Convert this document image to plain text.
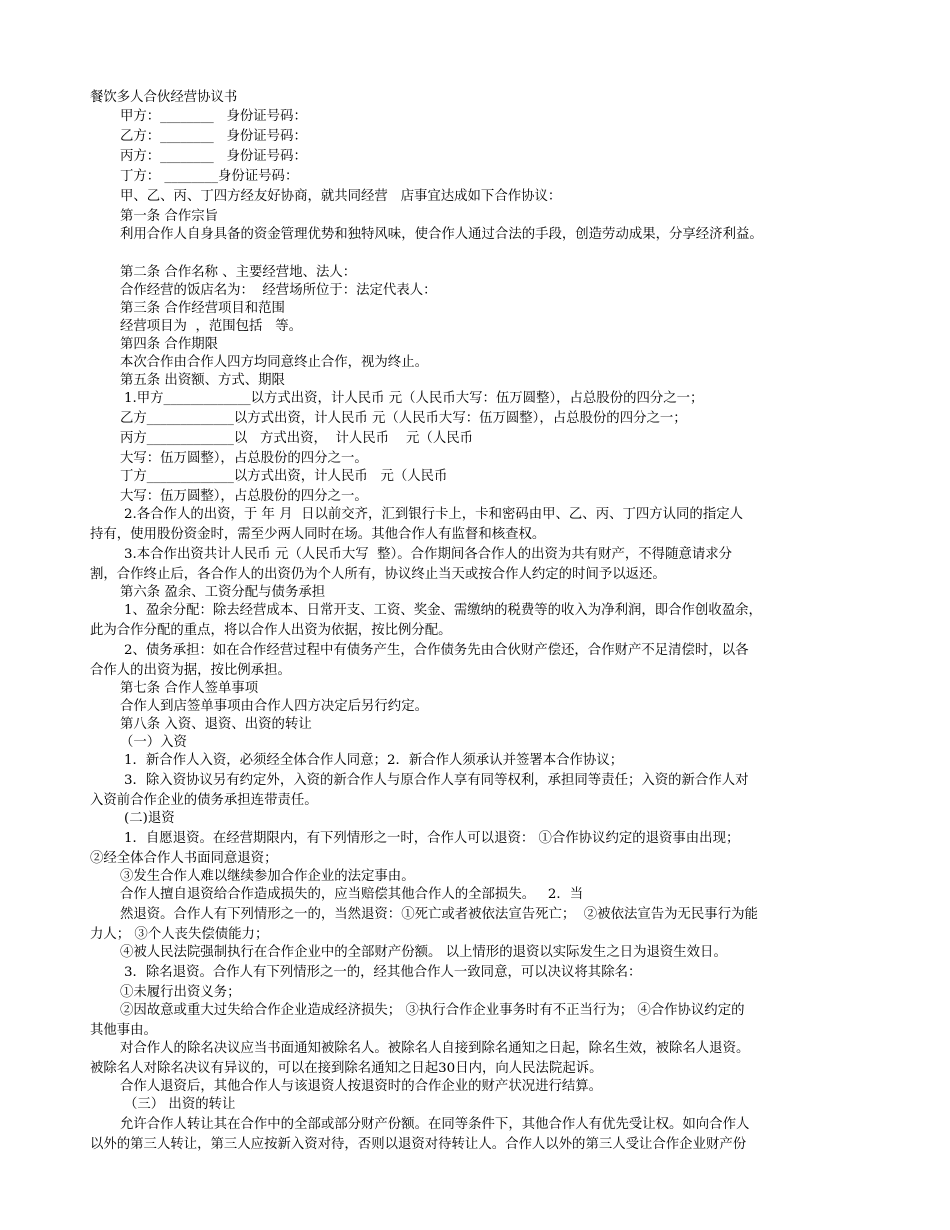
餐饮多人合伙经营协议书
甲方：________   身份证号码：
乙方：________   身份证号码：
丙方：________   身份证号码：
丁方： ________身份证号码：
甲、乙、丙、丁四方经友好协商，就共同经营   店事宜达成如下合作协议：
第一条 合作宗旨
利用合作人自身具备的资金管理优势和独特风味，使合作人通过合法的手段，创造劳动成果，分享经济利益。
第二条 合作名称 、主要经营地、法人：
合作经营的饭店名为：  经营场所位于：法定代表人：
第三条 合作经营项目和范围
经营项目为  ，范围包括   等。
第四条 合作期限
本次合作由合作人四方均同意终止合作，视为终止。
第五条 出资额、方式、期限
1.甲方_____________以方式出资，计人民币 元（人民币大写：伍万圆整），占总股份的四分之一；
乙方_____________以方式出资，计人民币 元（人民币大写：伍万圆整），占总股份的四分之一；
丙方_____________以   方式出资，  计人民币    元（人民币
大写：伍万圆整），占总股份的四分之一。
丁方_____________以方式出资，计人民币   元（人民币
大写：伍万圆整），占总股份的四分之一。
2.各合作人的出资，于 年 月  日以前交齐，汇到银行卡上，卡和密码由甲、乙、丙、丁四方认同的指定人
持有，使用股份资金时，需至少两人同时在场。其他合作人有监督和核查权。
3.本合作出资共计人民币 元（人民币大写  整）。合作期间各合作人的出资为共有财产，不得随意请求分
割，合作终止后，各合作人的出资仍为个人所有，协议终止当天或按合作人约定的时间予以返还。
第六条 盈余、工资分配与债务承担
1、盈余分配：除去经营成本、日常开支、工资、奖金、需缴纳的税费等的收入为净利润，即合作创收盈余，
此为合作分配的重点，将以合作人出资为依据，按比例分配。
2、债务承担：如在合作经营过程中有债务产生，合作债务先由合伙财产偿还，合作财产不足清偿时，以各
合作人的出资为据，按比例承担。
第七条 合作人签单事项
合作人到店签单事项由合作人四方决定后另行约定。
第八条 入资、退资、出资的转让
（一）入资
1．新合作人入资，必须经全体合作人同意；2．新合作人须承认并签署本合作协议；
3．除入资协议另有约定外，入资的新合作人与原合作人享有同等权利，承担同等责任；入资的新合作人对
入资前合作企业的债务承担连带责任。
(二)退资
1．自愿退资。在经营期限内，有下列情形之一时，合作人可以退资： ①合作协议约定的退资事由出现；
②经全体合作人书面同意退资；
③发生合作人难以继续参加合作企业的法定事由。
合作人擅自退资给合作造成损失的，应当赔偿其他合作人的全部损失。   2．当
然退资。合作人有下列情形之一的，当然退资：①死亡或者被依法宣告死亡；  ②被依法宣告为无民事行为能
力人； ③个人丧失偿债能力；
④被人民法院强制执行在合作企业中的全部财产份额。 以上情形的退资以实际发生之日为退资生效日。
3．除名退资。合作人有下列情形之一的，经其他合作人一致同意，可以决议将其除名：
①未履行出资义务；
②因故意或重大过失给合作企业造成经济损失； ③执行合作企业事务时有不正当行为； ④合作协议约定的
其他事由。
对合作人的除名决议应当书面通知被除名人。被除名人自接到除名通知之日起，除名生效，被除名人退资。
被除名人对除名决议有异议的，可以在接到除名通知之日起30日内，向人民法院起诉。
合作人退资后，其他合作人与该退资人按退资时的合作企业的财产状况进行结算。
（三） 出资的转让
允许合作人转让其在合作中的全部或部分财产份额。在同等条件下，其他合作人有优先受让权。如向合作人
以外的第三人转让，第三人应按新入资对待，否则以退资对待转让人。合作人以外的第三人受让合作企业财产份
